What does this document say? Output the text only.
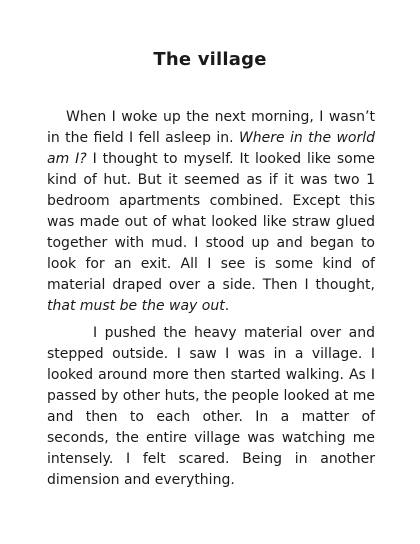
The village

When I woke up the next morning, I wasn’t in the field I fell asleep in. Where in the world am I? I thought to myself. It looked like some kind of hut. But it seemed as if it was two 1 bedroom apartments combined. Except this was made out of what looked like straw glued together with mud. I stood up and began to look for an exit. All I see is some kind of material draped over a side. Then I thought, that must be the way out.

I pushed the heavy material over and stepped outside. I saw I was in a village. I looked around more then started walking. As I passed by other huts, the people looked at me and then to each other. In a matter of seconds, the entire village was watching me intensely. I felt scared. Being in another dimension and everything.
